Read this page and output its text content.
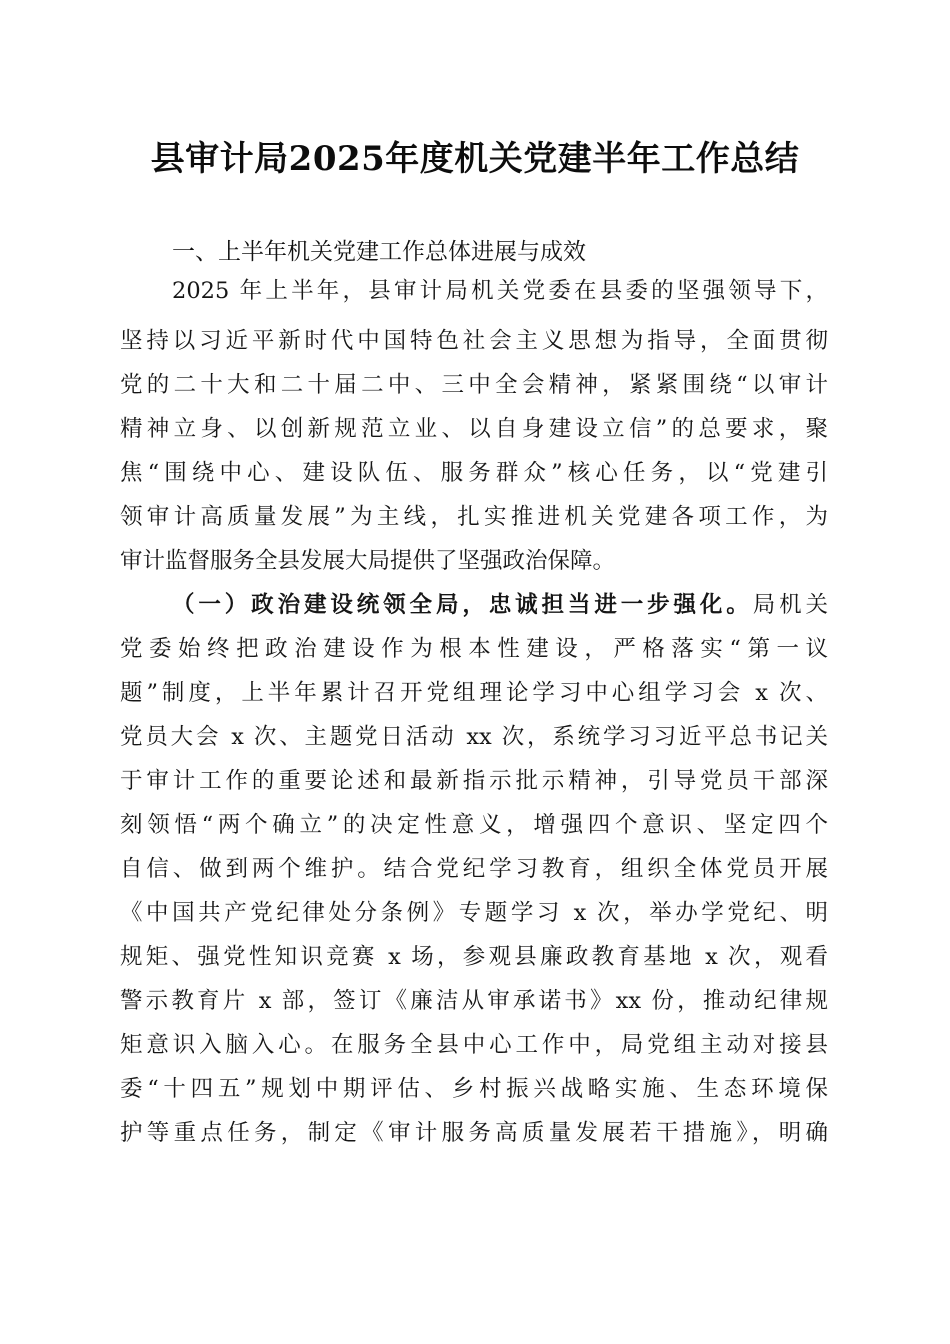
县审计局2025年度机关党建半年工作总结
一、上半年机关党建工作总体进展与成效
2025 年上半年，县审计局机关党委在县委的坚强领导下，
坚持以习近平新时代中国特色社会主义思想为指导，全面贯彻
党的二十大和二十届二中、三中全会精神，紧紧围绕“以审计
精神立身、以创新规范立业、以自身建设立信”的总要求，聚
焦“围绕中心、建设队伍、服务群众”核心任务，以“党建引
领审计高质量发展”为主线，扎实推进机关党建各项工作，为
审计监督服务全县发展大局提供了坚强政治保障。
（一）政治建设统领全局，忠诚担当进一步强化。局机关
党委始终把政治建设作为根本性建设，严格落实“第一议
题”制度，上半年累计召开党组理论学习中心组学习会 x 次、
党员大会 x 次、主题党日活动 xx 次，系统学习习近平总书记关
于审计工作的重要论述和最新指示批示精神，引导党员干部深
刻领悟“两个确立”的决定性意义，增强四个意识、坚定四个
自信、做到两个维护。结合党纪学习教育，组织全体党员开展
《中国共产党纪律处分条例》专题学习 x 次，举办学党纪、明
规矩、强党性知识竞赛 x 场，参观县廉政教育基地 x 次，观看
警示教育片 x 部，签订《廉洁从审承诺书》xx 份，推动纪律规
矩意识入脑入心。在服务全县中心工作中，局党组主动对接县
委“十四五”规划中期评估、乡村振兴战略实施、生态环境保
护等重点任务，制定《审计服务高质量发展若干措施》，明确
